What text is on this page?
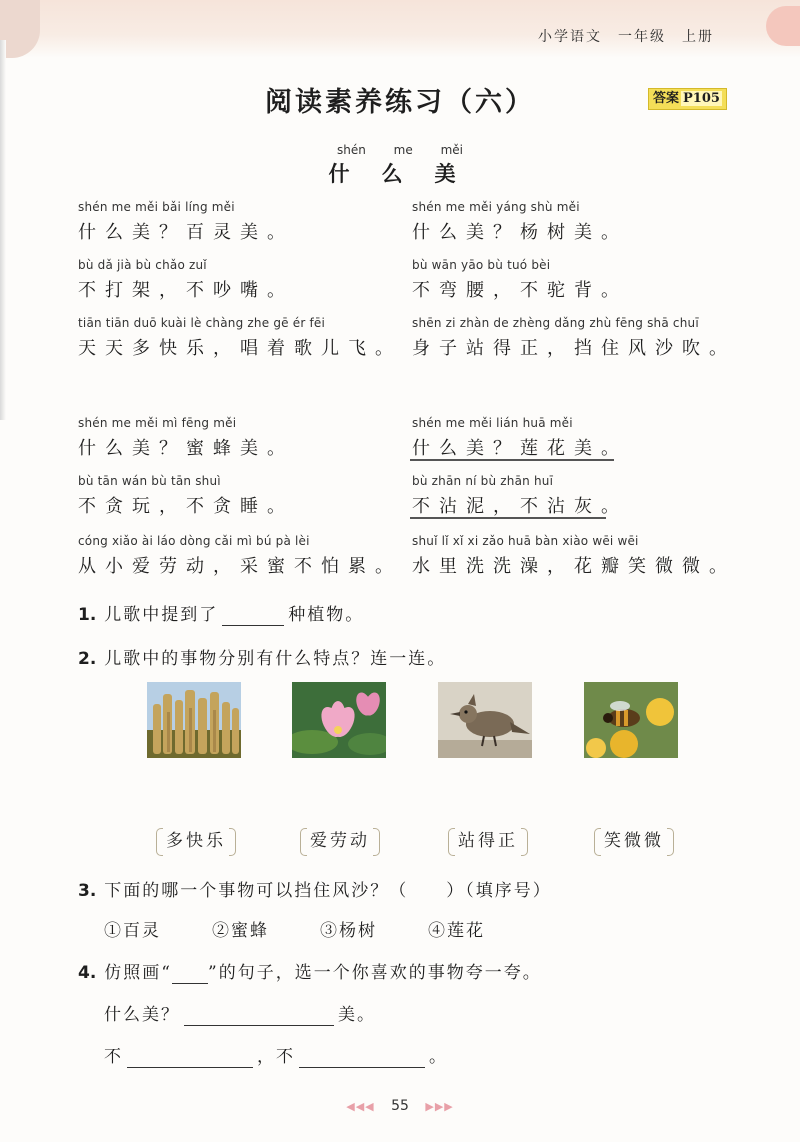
小学语文　一年级　上册
阅读素养练习（六）	答案 P105
shén me měi
什么美
shén me měi bǎi líng měi
什么美？百灵美。
bù dǎ jià bù chǎo zuǐ
不打架，不吵嘴。
tiān tiān duō kuài lè chàng zhe gē ér fēi
天天多快乐，唱着歌儿飞。
shén me měi yáng shù měi
什么美？杨树美。
bù wān yāo bù tuó bèi
不弯腰，不驼背。
shēn zi zhàn de zhèng dǎng zhù fēng shā chuī
身子站得正，挡住风沙吹。
shén me měi mì fēng měi
什么美？蜜蜂美。
bù tān wán bù tān shuì
不贪玩，不贪睡。
cóng xiǎo ài láo dòng cǎi mì bú pà lèi
从小爱劳动，采蜜不怕累。
shén me měi lián huā měi
什么美？莲花美。
bù zhān ní bù zhān huī
不沾泥，不沾灰。
shuǐ lǐ xǐ xi zǎo huā bàn xiào wēi wēi
水里洗洗澡，花瓣笑微微。
1. 儿歌中提到了	种植物。
2. 儿歌中的事物分别有什么特点？连一连。
多快乐	爱劳动	站得正	笑微微
3. 下面的哪一个事物可以挡住风沙？（　　）（填序号）
①百灵	②蜜蜂	③杨树	④莲花
4. 仿照画“ ”的句子，选一个你喜欢的事物夸一夸。
什么美？	美。
不	，不	。
◀◀◀ 55 ▶▶▶
